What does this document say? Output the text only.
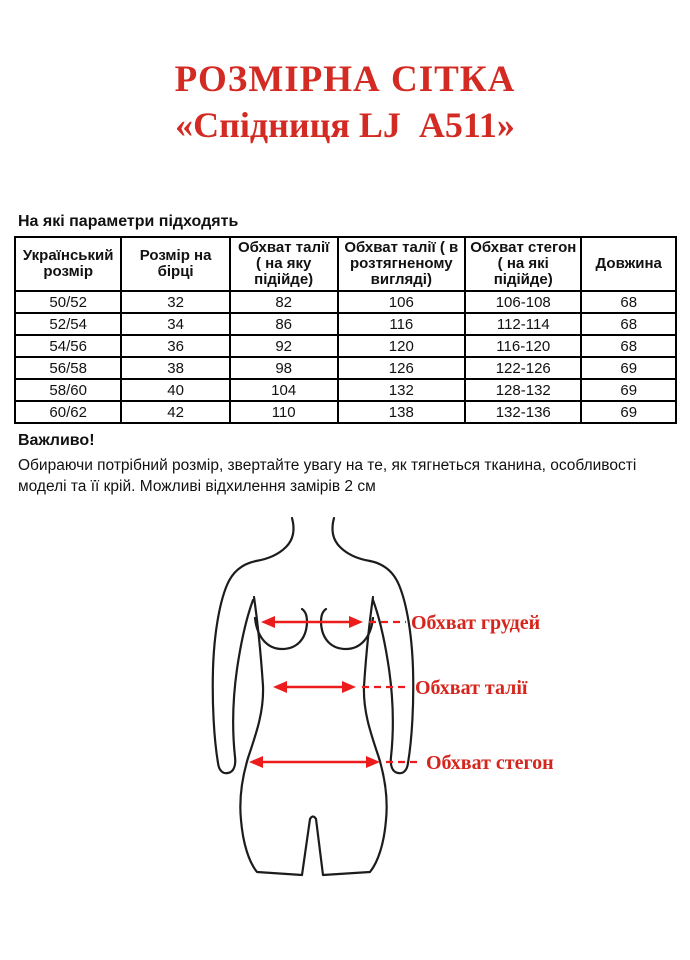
РОЗМІРНА СІТКА
«Спідниця LJ  А511»
На які параметри підходять
Український розмір	Розмір на бірці	Обхват талії ( на яку підійде)	Обхват талії ( в розтягненому вигляді)	Обхват стегон ( на які підійде)	Довжина
50/52	32	82	106	106-108	68
52/54	34	86	116	112-114	68
54/56	36	92	120	116-120	68
56/58	38	98	126	122-126	69
58/60	40	104	132	128-132	69
60/62	42	110	138	132-136	69
Важливо!
Обираючи потрібний розмір, звертайте увагу на те, як тягнеться тканина, особливості моделі та її крій. Можливі відхилення замірів 2 см
Обхват грудей
Обхват талії
Обхват стегон
